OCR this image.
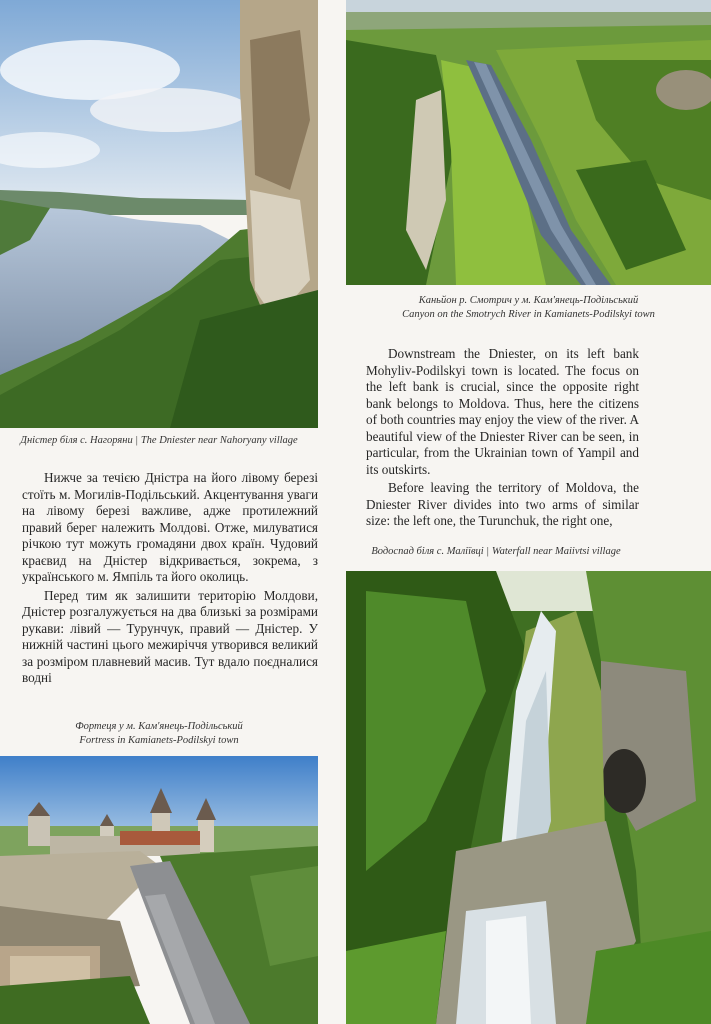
Дністер біля с. Нагоряни | The Dniester near Nahoryany village

Нижче за течією Дністра на його лівому березі стоїть м. Могилів-Подільський. Акцентування уваги на лівому березі важливе, адже протилежний правий берег належить Молдові. Отже, милуватися річкою тут можуть громадяни двох країн. Чудовий краєвид на Дністер відкривається, зокрема, з українського м. Ямпіль та його околиць.

Перед тим як залишити територію Молдови, Дністер розгалужується на два близькі за розмірами рукави: лівий — Турунчук, правий — Дністер. У нижній частині цього межиріччя утворився великий за розміром плавневий масив. Тут вдало поєдналися водні

Фортеця у м. Кам'янець-Подільський
Fortress in Kamianets-Podilskyi town
Каньйон р. Смотрич у м. Кам'янець-Подільський
Canyon on the Smotrych River in Kamianets-Podilskyi town

Downstream the Dniester, on its left bank Mohyliv-Podilskyi town is located. The focus on the left bank is crucial, since the opposite right bank belongs to Moldova. Thus, here the citizens of both countries may enjoy the view of the river. A beautiful view of the Dniester River can be seen, in particular, from the Ukrainian town of Yampil and its outskirts.

Before leaving the territory of Moldova, the Dniester River divides into two arms of similar size: the left one, the Turunchuk, the right one,

Водоспад біля с. Маліївці | Waterfall near Maiivtsi village
